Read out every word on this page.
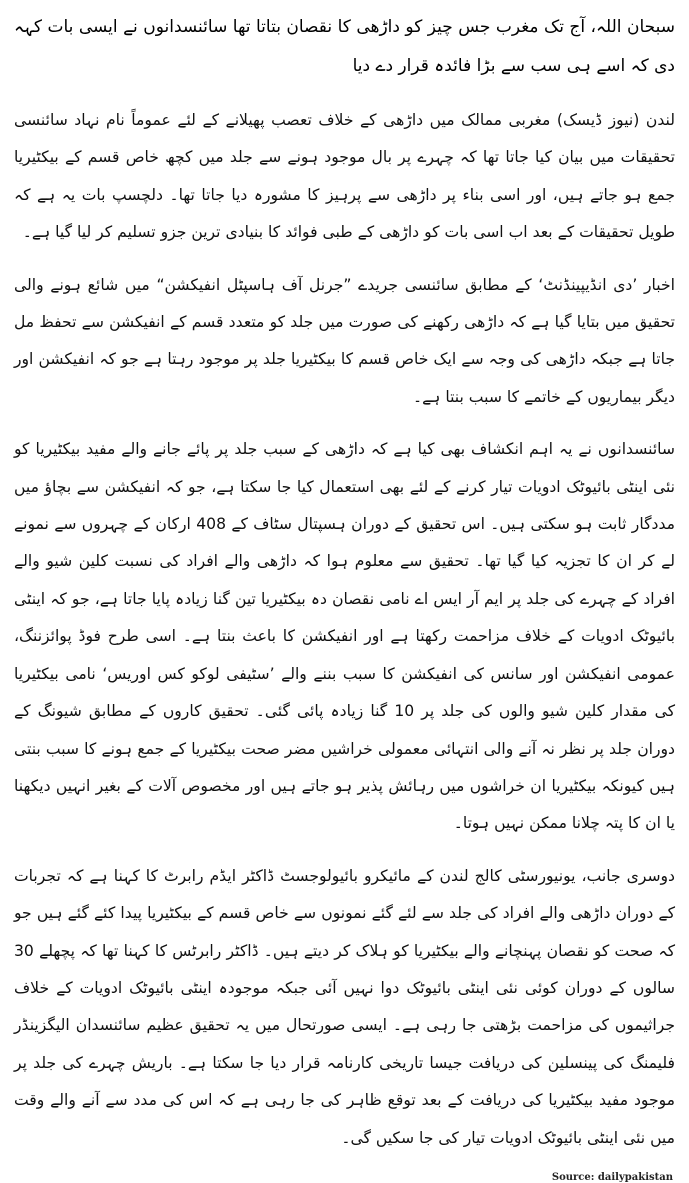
سبحان اللہ، آج تک مغرب جس چیز کو داڑھی کا نقصان بتاتا تھا سائنسدانوں نے ایسی بات کہہ دی کہ اسے ہی سب سے بڑا فائدہ قرار دے دیا

لندن (نیوز ڈیسک) مغربی ممالک میں داڑھی کے خلاف تعصب پھیلانے کے لئے عموماً نام نہاد سائنسی تحقیقات میں بیان کیا جاتا تھا کہ چہرے پر بال موجود ہونے سے جلد میں کچھ خاص قسم کے بیکٹیریا جمع ہو جاتے ہیں، اور اسی بناء پر داڑھی سے پرہیز کا مشورہ دیا جاتا تھا۔ دلچسپ بات یہ ہے کہ طویل تحقیقات کے بعد اب اسی بات کو داڑھی کے طبی فوائد کا بنیادی ترین جزو تسلیم کر لیا گیا ہے۔

اخبار ’دی انڈیپینڈنٹ‘ کے مطابق سائنسی جریدے ”جرنل آف ہاسپٹل انفیکشن“ میں شائع ہونے والی تحقیق میں بتایا گیا ہے کہ داڑھی رکھنے کی صورت میں جلد کو متعدد قسم کے انفیکشن سے تحفظ مل جاتا ہے جبکہ داڑھی کی وجہ سے ایک خاص قسم کا بیکٹیریا جلد پر موجود رہتا ہے جو کہ انفیکشن اور دیگر بیماریوں کے خاتمے کا سبب بنتا ہے۔

سائنسدانوں نے یہ اہم انکشاف بھی کیا ہے کہ داڑھی کے سبب جلد پر پائے جانے والے مفید بیکٹیریا کو نئی اینٹی بائیوٹک ادویات تیار کرنے کے لئے بھی استعمال کیا جا سکتا ہے، جو کہ انفیکشن سے بچاؤ میں مددگار ثابت ہو سکتی ہیں۔ اس تحقیق کے دوران ہسپتال سٹاف کے 408 ارکان کے چہروں سے نمونے لے کر ان کا تجزیہ کیا گیا تھا۔ تحقیق سے معلوم ہوا کہ داڑھی والے افراد کی نسبت کلین شیو والے افراد کے چہرے کی جلد پر ایم آر ایس اے نامی نقصان دہ بیکٹیریا تین گنا زیادہ پایا جاتا ہے، جو کہ اینٹی بائیوٹک ادویات کے خلاف مزاحمت رکھتا ہے اور انفیکشن کا باعث بنتا ہے۔ اسی طرح فوڈ پوائزننگ، عمومی انفیکشن اور سانس کی انفیکشن کا سبب بننے والے ’سٹیفی لوکو کس اوریس‘ نامی بیکٹیریا کی مقدار کلین شیو والوں کی جلد پر 10 گنا زیادہ پائی گئی۔ تحقیق کاروں کے مطابق شیونگ کے دوران جلد پر نظر نہ آنے والی انتہائی معمولی خراشیں مضر صحت بیکٹیریا کے جمع ہونے کا سبب بنتی ہیں کیونکہ بیکٹیریا ان خراشوں میں رہائش پذیر ہو جاتے ہیں اور مخصوص آلات کے بغیر انہیں دیکھنا یا ان کا پتہ چلانا ممکن نہیں ہوتا۔

دوسری جانب، یونیورسٹی کالج لندن کے مائیکرو بائیولوجسٹ ڈاکٹر ایڈم رابرٹ کا کہنا ہے کہ تجربات کے دوران داڑھی والے افراد کی جلد سے لئے گئے نمونوں سے خاص قسم کے بیکٹیریا پیدا کئے گئے ہیں جو کہ صحت کو نقصان پہنچانے والے بیکٹیریا کو ہلاک کر دیتے ہیں۔ ڈاکٹر رابرٹس کا کہنا تھا کہ پچھلے 30 سالوں کے دوران کوئی نئی اینٹی بائیوٹک دوا نہیں آئی جبکہ موجودہ اینٹی بائیوٹک ادویات کے خلاف جراثیموں کی مزاحمت بڑھتی جا رہی ہے۔ ایسی صورتحال میں یہ تحقیق عظیم سائنسدان الیگزینڈر فلیمنگ کی پینسلین کی دریافت جیسا تاریخی کارنامہ قرار دیا جا سکتا ہے۔ باریش چہرے کی جلد پر موجود مفید بیکٹیریا کی دریافت کے بعد توقع ظاہر کی جا رہی ہے کہ اس کی مدد سے آنے والے وقت میں نئی اینٹی بائیوٹک ادویات تیار کی جا سکیں گی۔

Source: dailypakistan
